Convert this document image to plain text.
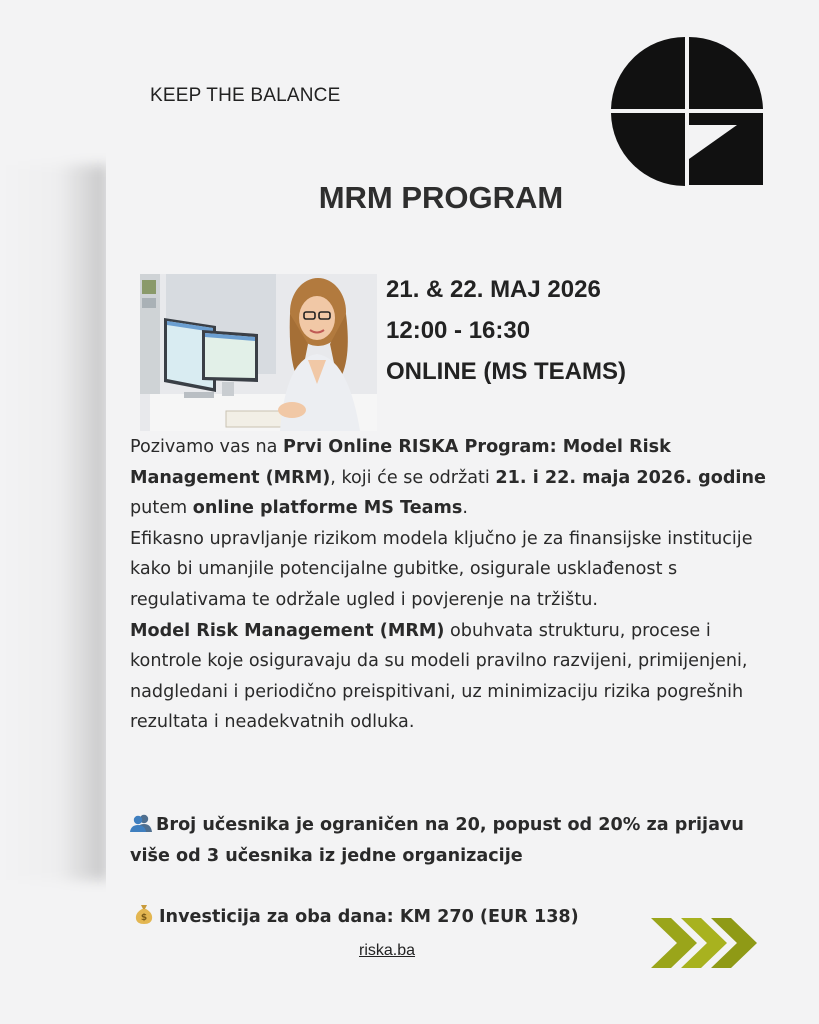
KEEP THE BALANCE
MRM PROGRAM
21. & 22. MAJ 2026
12:00 - 16:30
ONLINE (MS TEAMS)

Pozivamo vas na Prvi Online RISKA Program: Model Risk Management (MRM), koji će se održati 21. i 22. maja 2026. godine putem online platforme MS Teams.

Efikasno upravljanje rizikom modela ključno je za finansijske institucije kako bi umanjile potencijalne gubitke, osigurale usklađenost s regulativama te održale ugled i povjerenje na tržištu.

Model Risk Management (MRM) obuhvata strukturu, procese i kontrole koje osiguravaju da su modeli pravilno razvijeni, primijenjeni, nadgledani i periodično preispitivani, uz minimizaciju rizika pogrešnih rezultata i neadekvatnih odluka.

Broj učesnika je ograničen na 20, popust od 20% za prijavu više od 3 učesnika iz jedne organizacije
$ Investicija za oba dana: KM 270 (EUR 138)
riska.ba
